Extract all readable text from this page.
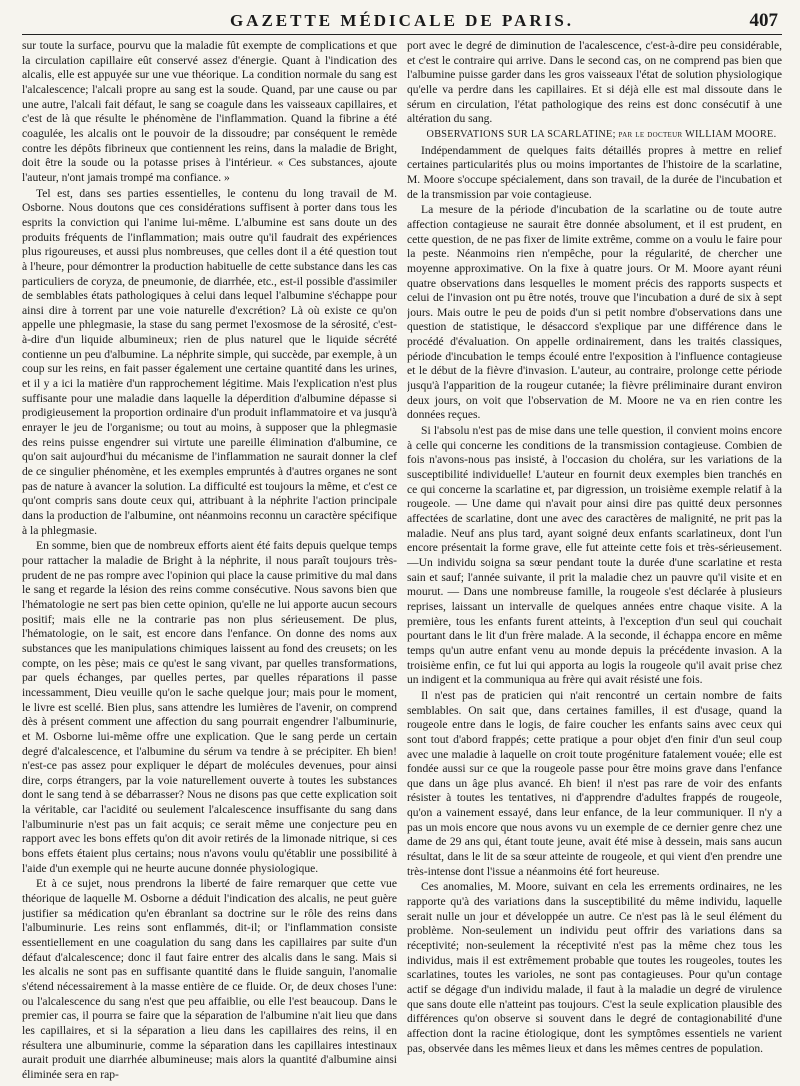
GAZETTE MÉDICALE DE PARIS.	407

sur toute la surface, pourvu que la maladie fût exempte de complications et que la circulation capillaire eût conservé assez d'énergie. Quant à l'indication des alcalis, elle est appuyée sur une vue théorique. La condition normale du sang est l'alcalescence; l'alcali propre au sang est la soude. Quand, par une cause ou par une autre, l'alcali fait défaut, le sang se coagule dans les vaisseaux capillaires, et c'est de là que résulte le phénomène de l'inflammation. Quand la fibrine a été coagulée, les alcalis ont le pouvoir de la dissoudre; par conséquent le remède contre les dépôts fibrineux que contiennent les reins, dans la maladie de Bright, doit être la soude ou la potasse prises à l'intérieur. « Ces substances, ajoute l'auteur, n'ont jamais trompé ma confiance. »

Tel est, dans ses parties essentielles, le contenu du long travail de M. Osborne. Nous doutons que ces considérations suffisent à porter dans tous les esprits la conviction qui l'anime lui-même. L'albumine est sans doute un des produits fréquents de l'inflammation; mais outre qu'il faudrait des expériences plus rigoureuses, et aussi plus nombreuses, que celles dont il a été question tout à l'heure, pour démontrer la production habituelle de cette substance dans les cas particuliers de coryza, de pneumonie, de diarrhée, etc., est-il possible d'assimiler de semblables états pathologiques à celui dans lequel l'albumine s'échappe pour ainsi dire à torrent par une voie naturelle d'excrétion? Là où existe ce qu'on appelle une phlegmasie, la stase du sang permet l'exosmose de la sérosité, c'est-à-dire d'un liquide albumineux; rien de plus naturel que le liquide sécrété contienne un peu d'albumine. La néphrite simple, qui succède, par exemple, à un coup sur les reins, en fait passer également une certaine quantité dans les urines, et il y a ici la matière d'un rapprochement légitime. Mais l'explication n'est plus suffisante pour une maladie dans laquelle la déperdition d'albumine dépasse si prodigieusement la proportion ordinaire d'un produit inflammatoire et va jusqu'à enrayer le jeu de l'organisme; ou tout au moins, à supposer que la phlegmasie des reins puisse engendrer sui virtute une pareille élimination d'albumine, ce qu'on sait aujourd'hui du mécanisme de l'inflammation ne saurait donner la clef de ce singulier phénomène, et les exemples empruntés à d'autres organes ne sont pas de nature à avancer la solution. La difficulté est toujours la même, et c'est ce qu'ont compris sans doute ceux qui, attribuant à la néphrite l'action principale dans la production de l'albumine, ont néanmoins reconnu un caractère spécifique à la phlegmasie.

En somme, bien que de nombreux efforts aient été faits depuis quelque temps pour rattacher la maladie de Bright à la néphrite, il nous paraît toujours très-prudent de ne pas rompre avec l'opinion qui place la cause primitive du mal dans le sang et regarde la lésion des reins comme consécutive. Nous savons bien que l'hématologie ne sert pas bien cette opinion, qu'elle ne lui apporte aucun secours positif; mais elle ne la contrarie pas non plus sérieusement. De plus, l'hématologie, on le sait, est encore dans l'enfance. On donne des noms aux substances que les manipulations chimiques laissent au fond des creusets; on les compte, on les pèse; mais ce qu'est le sang vivant, par quelles transformations, par quels échanges, par quelles pertes, par quelles réparations il passe incessamment, Dieu veuille qu'on le sache quelque jour; mais pour le moment, le livre est scellé. Bien plus, sans attendre les lumières de l'avenir, on comprend dès à présent comment une affection du sang pourrait engendrer l'albuminurie, et M. Osborne lui-même offre une explication. Que le sang perde un certain degré d'alcalescence, et l'albumine du sérum va tendre à se précipiter. Eh bien! n'est-ce pas assez pour expliquer le départ de molécules devenues, pour ainsi dire, corps étrangers, par la voie naturellement ouverte à toutes les substances dont le sang tend à se débarrasser? Nous ne disons pas que cette explication soit la véritable, car l'acidité ou seulement l'alcalescence insuffisante du sang dans l'albuminurie n'est pas un fait acquis; ce serait même une conjecture peu en rapport avec les bons effets qu'on dit avoir retirés de la limonade nitrique, si ces bons effets étaient plus certains; nous n'avons voulu qu'établir une possibilité à l'aide d'un exemple qui ne heurte aucune donnée physiologique.

Et à ce sujet, nous prendrons la liberté de faire remarquer que cette vue théorique de laquelle M. Osborne a déduit l'indication des alcalis, ne peut guère justifier sa médication qu'en ébranlant sa doctrine sur le rôle des reins dans l'albuminurie. Les reins sont enflammés, dit-il; or l'inflammation consiste essentiellement en une coagulation du sang dans les capillaires par suite d'un défaut d'alcalescence; donc il faut faire entrer des alcalis dans le sang. Mais si les alcalis ne sont pas en suffisante quantité dans le fluide sanguin, l'anomalie s'étend nécessairement à la masse entière de ce fluide. Or, de deux choses l'une: ou l'alcalescence du sang n'est que peu affaiblie, ou elle l'est beaucoup. Dans le premier cas, il pourra se faire que la séparation de l'albumine n'ait lieu que dans les capillaires, et si la séparation a lieu dans les capillaires des reins, il en résultera une albuminurie, comme la séparation dans les capillaires intestinaux aurait produit une diarrhée albumineuse; mais alors la quantité d'albumine ainsi éliminée sera en rap-

port avec le degré de diminution de l'acalescence, c'est-à-dire peu considérable, et c'est le contraire qui arrive. Dans le second cas, on ne comprend pas bien que l'albumine puisse garder dans les gros vaisseaux l'état de solution physiologique qu'elle va perdre dans les capillaires. Et si déjà elle est mal dissoute dans le sérum en circulation, l'état pathologique des reins est donc consécutif à une altération du sang.

OBSERVATIONS SUR LA SCARLATINE; par le docteur WILLIAM MOORE.

Indépendamment de quelques faits détaillés propres à mettre en relief certaines particularités plus ou moins importantes de l'histoire de la scarlatine, M. Moore s'occupe spécialement, dans son travail, de la durée de l'incubation et de la transmission par voie contagieuse.

La mesure de la période d'incubation de la scarlatine ou de toute autre affection contagieuse ne saurait être donnée absolument, et il est prudent, en cette question, de ne pas fixer de limite extrême, comme on a voulu le faire pour la peste. Néanmoins rien n'empêche, pour la régularité, de chercher une moyenne approximative. On la fixe à quatre jours. Or M. Moore ayant réuni quatre observations dans lesquelles le moment précis des rapports suspects et celui de l'invasion ont pu être notés, trouve que l'incubation a duré de six à sept jours. Mais outre le peu de poids d'un si petit nombre d'observations dans une question de statistique, le désaccord s'explique par une différence dans le procédé d'évaluation. On appelle ordinairement, dans les traités classiques, période d'incubation le temps écoulé entre l'exposition à l'influence contagieuse et le début de la fièvre d'invasion. L'auteur, au contraire, prolonge cette période jusqu'à l'apparition de la rougeur cutanée; la fièvre préliminaire durant environ deux jours, on voit que l'observation de M. Moore ne va en rien contre les données reçues.

Si l'absolu n'est pas de mise dans une telle question, il convient moins encore à celle qui concerne les conditions de la transmission contagieuse. Combien de fois n'avons-nous pas insisté, à l'occasion du choléra, sur les variations de la susceptibilité individuelle! L'auteur en fournit deux exemples bien tranchés en ce qui concerne la scarlatine et, par digression, un troisième exemple relatif à la rougeole. — Une dame qui n'avait pour ainsi dire pas quitté deux personnes affectées de scarlatine, dont une avec des caractères de malignité, ne prit pas la maladie. Neuf ans plus tard, ayant soigné deux enfants scarlatineux, dont l'un encore présentait la forme grave, elle fut atteinte cette fois et très-sérieusement. —Un individu soigna sa sœur pendant toute la durée d'une scarlatine et resta sain et sauf; l'année suivante, il prit la maladie chez un pauvre qu'il visite et en mourut. — Dans une nombreuse famille, la rougeole s'est déclarée à plusieurs reprises, laissant un intervalle de quelques années entre chaque visite. A la première, tous les enfants furent atteints, à l'exception d'un seul qui couchait pourtant dans le lit d'un frère malade. A la seconde, il échappa encore en même temps qu'un autre enfant venu au monde depuis la précédente invasion. A la troisième enfin, ce fut lui qui apporta au logis la rougeole qu'il avait prise chez un indigent et la communiqua au frère qui avait résisté une fois.

Il n'est pas de praticien qui n'ait rencontré un certain nombre de faits semblables. On sait que, dans certaines familles, il est d'usage, quand la rougeole entre dans le logis, de faire coucher les enfants sains avec ceux qui sont tout d'abord frappés; cette pratique a pour objet d'en finir d'un seul coup avec une maladie à laquelle on croit toute progéniture fatalement vouée; elle est fondée aussi sur ce que la rougeole passe pour être moins grave dans l'enfance que dans un âge plus avancé. Eh bien! il n'est pas rare de voir des enfants résister à toutes les tentatives, ni d'apprendre d'adultes frappés de rougeole, qu'on a vainement essayé, dans leur enfance, de la leur communiquer. Il n'y a pas un mois encore que nous avons vu un exemple de ce dernier genre chez une dame de 29 ans qui, étant toute jeune, avait été mise à dessein, mais sans aucun résultat, dans le lit de sa sœur atteinte de rougeole, et qui vient d'en prendre une très-intense dont l'issue a néanmoins été fort heureuse.

Ces anomalies, M. Moore, suivant en cela les errements ordinaires, ne les rapporte qu'à des variations dans la susceptibilité du même individu, laquelle serait nulle un jour et développée un autre. Ce n'est pas là le seul élément du problème. Non-seulement un individu peut offrir des variations dans sa réceptivité; non-seulement la réceptivité n'est pas la même chez tous les individus, mais il est extrêmement probable que toutes les rougeoles, toutes les scarlatines, toutes les varioles, ne sont pas contagieuses. Pour qu'un contage actif se dégage d'un individu malade, il faut à la maladie un degré de virulence que sans doute elle n'atteint pas toujours. C'est la seule explication plausible des différences qu'on observe si souvent dans le degré de contagionabilité d'une affection dont la racine étiologique, dont les symptômes essentiels ne varient pas, observée dans les mêmes lieux et dans les mêmes centres de population.
